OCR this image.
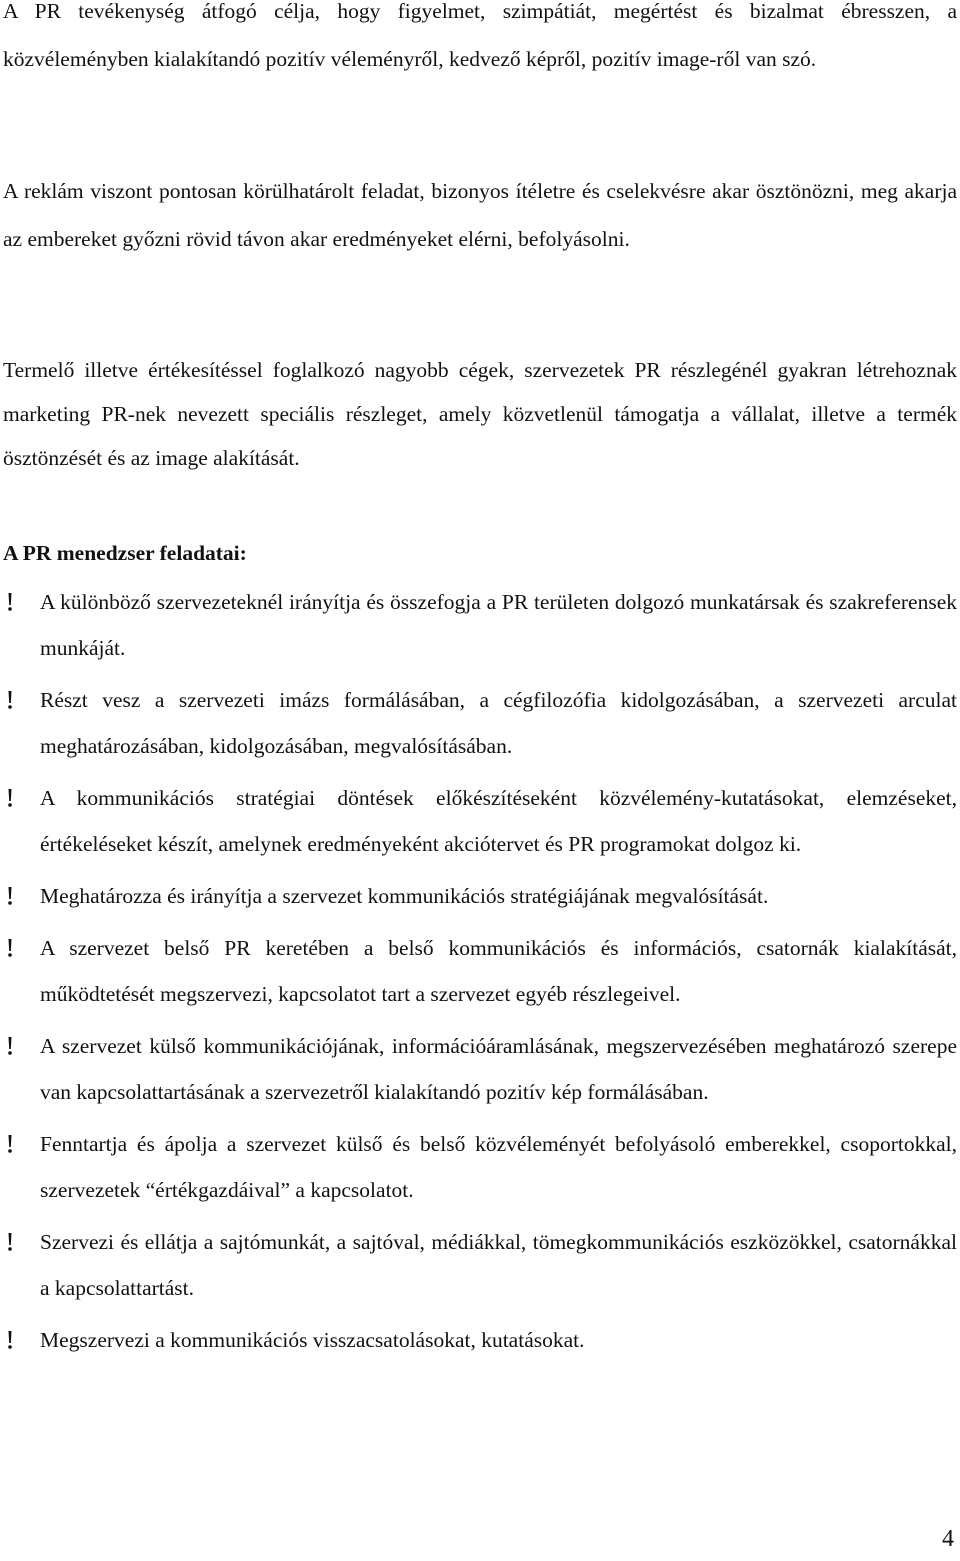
A PR tevékenység átfogó célja, hogy figyelmet, szimpátiát, megértést és bizalmat ébresszen, a közvéleményben kialakítandó pozitív véleményről, kedvező képről, pozitív image-ről van szó.

A reklám viszont pontosan körülhatárolt feladat, bizonyos ítéletre és cselekvésre akar ösztönözni, meg akarja az embereket győzni rövid távon akar eredményeket elérni, befolyásolni.

Termelő illetve értékesítéssel foglalkozó nagyobb cégek, szervezetek PR részlegénél gyakran létrehoznak marketing PR-nek nevezett speciális részleget, amely közvetlenül támogatja a vállalat, illetve a termék ösztönzését és az image alakítását.

A PR menedzser feladatai:
A különböző szervezeteknél irányítja és összefogja a PR területen dolgozó munkatársak és szakreferensek munkáját.
Részt vesz a szervezeti imázs formálásában, a cégfilozófia kidolgozásában, a szervezeti arculat meghatározásában, kidolgozásában, megvalósításában.
A kommunikációs stratégiai döntések előkészítéseként közvélemény-kutatásokat, elemzéseket, értékeléseket készít, amelynek eredményeként akciótervet és PR programokat dolgoz ki.
Meghatározza és irányítja a szervezet kommunikációs stratégiájának megvalósítását.
A szervezet belső PR keretében a belső kommunikációs és információs, csatornák kialakítását, működtetését megszervezi, kapcsolatot tart a szervezet egyéb részlegeivel.
A szervezet külső kommunikációjának, információáramlásának, megszervezésében meghatározó szerepe van kapcsolattartásának a szervezetről kialakítandó pozitív kép formálásában.
Fenntartja és ápolja a szervezet külső és belső közvéleményét befolyásoló emberekkel, csoportokkal, szervezetek “értékgazdáival” a kapcsolatot.
Szervezi és ellátja a sajtómunkát, a sajtóval, médiákkal, tömegkommunikációs eszközökkel, csatornákkal a kapcsolattartást.
Megszervezi a kommunikációs visszacsatolásokat, kutatásokat.
4
